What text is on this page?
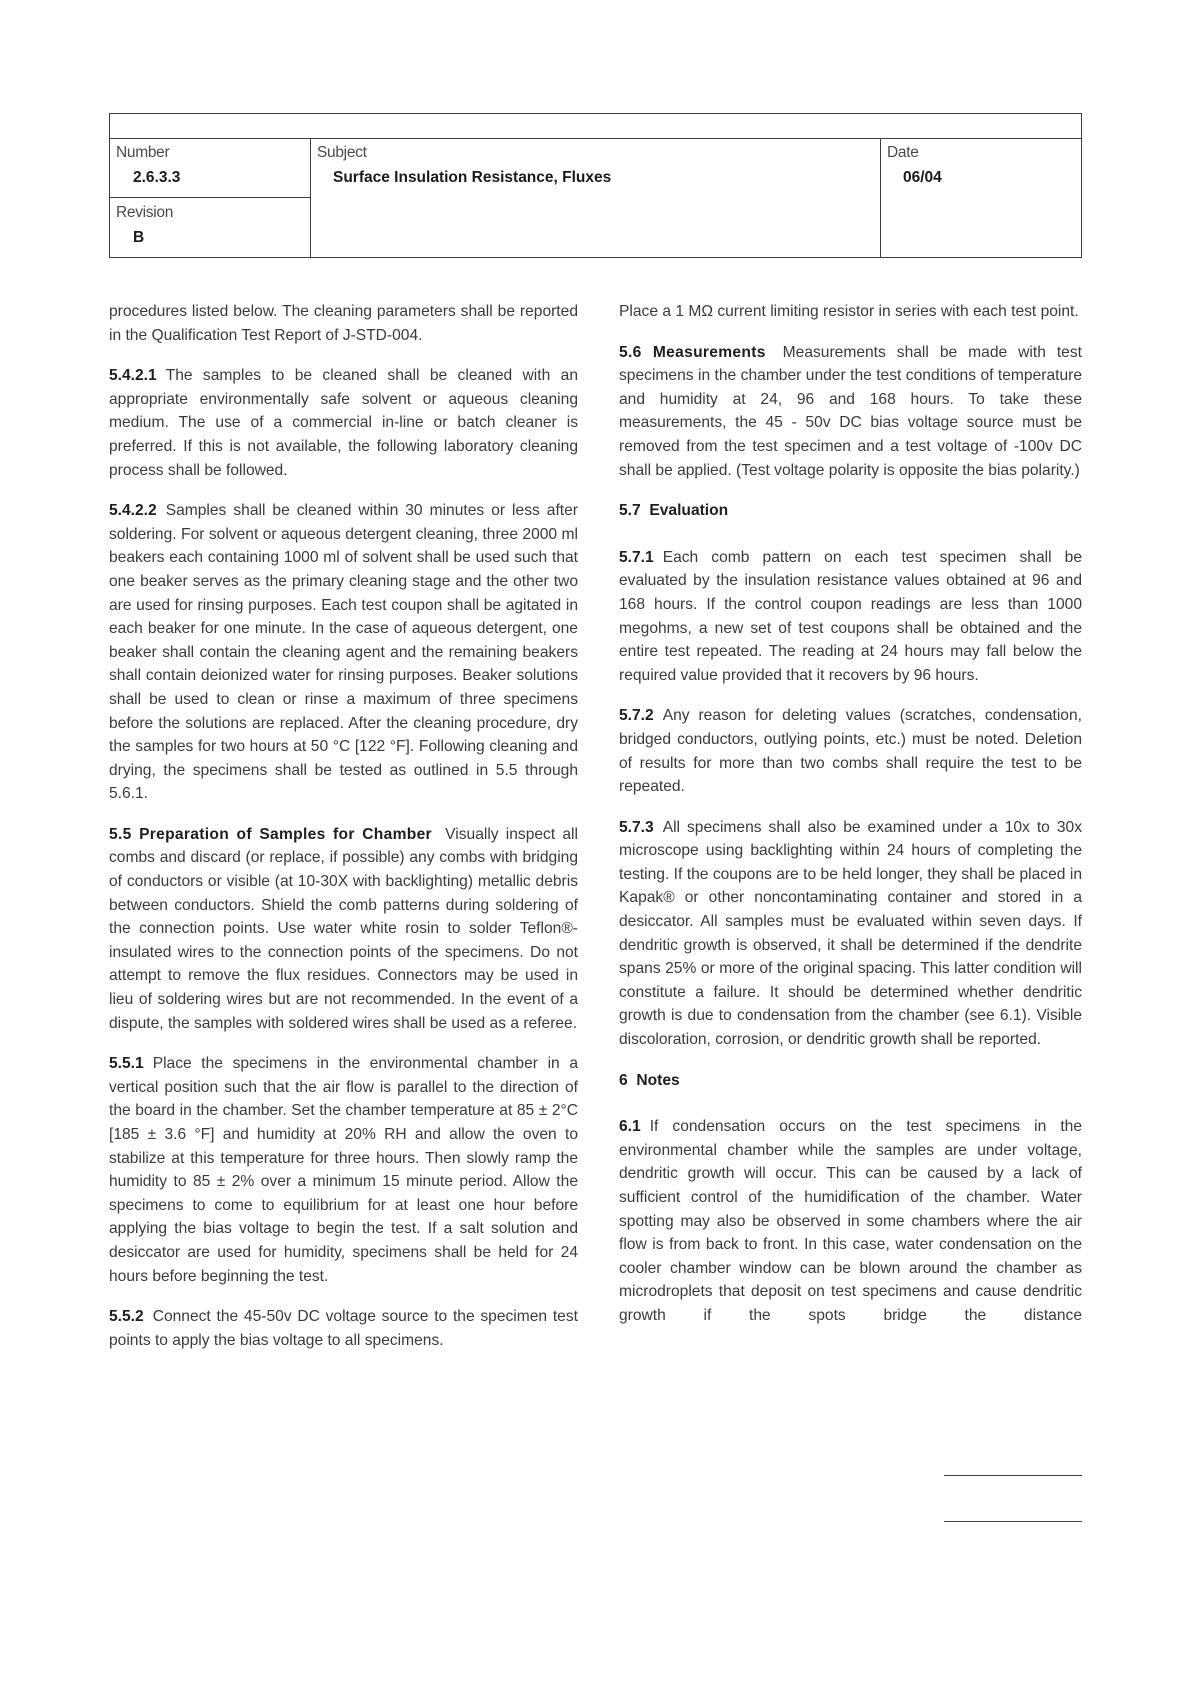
Number
2.6.3.3
Revision
B
Subject
Surface Insulation Resistance, Fluxes
Date
06/04

procedures listed below. The cleaning parameters shall be reported in the Qualification Test Report of J-STD-004.

5.4.2.1 The samples to be cleaned shall be cleaned with an appropriate environmentally safe solvent or aqueous cleaning medium. The use of a commercial in-line or batch cleaner is preferred. If this is not available, the following laboratory cleaning process shall be followed.

5.4.2.2 Samples shall be cleaned within 30 minutes or less after soldering. For solvent or aqueous detergent cleaning, three 2000 ml beakers each containing 1000 ml of solvent shall be used such that one beaker serves as the primary cleaning stage and the other two are used for rinsing purposes. Each test coupon shall be agitated in each beaker for one minute. In the case of aqueous detergent, one beaker shall contain the cleaning agent and the remaining beakers shall contain deionized water for rinsing purposes. Beaker solutions shall be used to clean or rinse a maximum of three specimens before the solutions are replaced. After the cleaning procedure, dry the samples for two hours at 50 °C [122 °F]. Following cleaning and drying, the specimens shall be tested as outlined in 5.5 through 5.6.1.

5.5 Preparation of Samples for Chamber Visually inspect all combs and discard (or replace, if possible) any combs with bridging of conductors or visible (at 10-30X with backlighting) metallic debris between conductors. Shield the comb patterns during soldering of the connection points. Use water white rosin to solder Teflon®-insulated wires to the connection points of the specimens. Do not attempt to remove the flux residues. Connectors may be used in lieu of soldering wires but are not recommended. In the event of a dispute, the samples with soldered wires shall be used as a referee.

5.5.1 Place the specimens in the environmental chamber in a vertical position such that the air flow is parallel to the direction of the board in the chamber. Set the chamber temperature at 85 ± 2°C [185 ± 3.6 °F] and humidity at 20% RH and allow the oven to stabilize at this temperature for three hours. Then slowly ramp the humidity to 85 ± 2% over a minimum 15 minute period. Allow the specimens to come to equilibrium for at least one hour before applying the bias voltage to begin the test. If a salt solution and desiccator are used for humidity, specimens shall be held for 24 hours before beginning the test.

5.5.2 Connect the 45-50v DC voltage source to the specimen test points to apply the bias voltage to all specimens.

Place a 1 MΩ current limiting resistor in series with each test point.

5.6 Measurements Measurements shall be made with test specimens in the chamber under the test conditions of temperature and humidity at 24, 96 and 168 hours. To take these measurements, the 45 - 50v DC bias voltage source must be removed from the test specimen and a test voltage of -100v DC shall be applied. (Test voltage polarity is opposite the bias polarity.)

5.7  Evaluation

5.7.1 Each comb pattern on each test specimen shall be evaluated by the insulation resistance values obtained at 96 and 168 hours. If the control coupon readings are less than 1000 megohms, a new set of test coupons shall be obtained and the entire test repeated. The reading at 24 hours may fall below the required value provided that it recovers by 96 hours.

5.7.2 Any reason for deleting values (scratches, condensation, bridged conductors, outlying points, etc.) must be noted. Deletion of results for more than two combs shall require the test to be repeated.

5.7.3 All specimens shall also be examined under a 10x to 30x microscope using backlighting within 24 hours of completing the testing. If the coupons are to be held longer, they shall be placed in Kapak® or other noncontaminating container and stored in a desiccator. All samples must be evaluated within seven days. If dendritic growth is observed, it shall be determined if the dendrite spans 25% or more of the original spacing. This latter condition will constitute a failure. It should be determined whether dendritic growth is due to condensation from the chamber (see 6.1). Visible discoloration, corrosion, or dendritic growth shall be reported.

6  Notes

6.1 If condensation occurs on the test specimens in the environmental chamber while the samples are under voltage, dendritic growth will occur. This can be caused by a lack of sufficient control of the humidification of the chamber. Water spotting may also be observed in some chambers where the air flow is from back to front. In this case, water condensation on the cooler chamber window can be blown around the chamber as microdroplets that deposit on test specimens and cause dendritic growth if the spots bridge the distance
